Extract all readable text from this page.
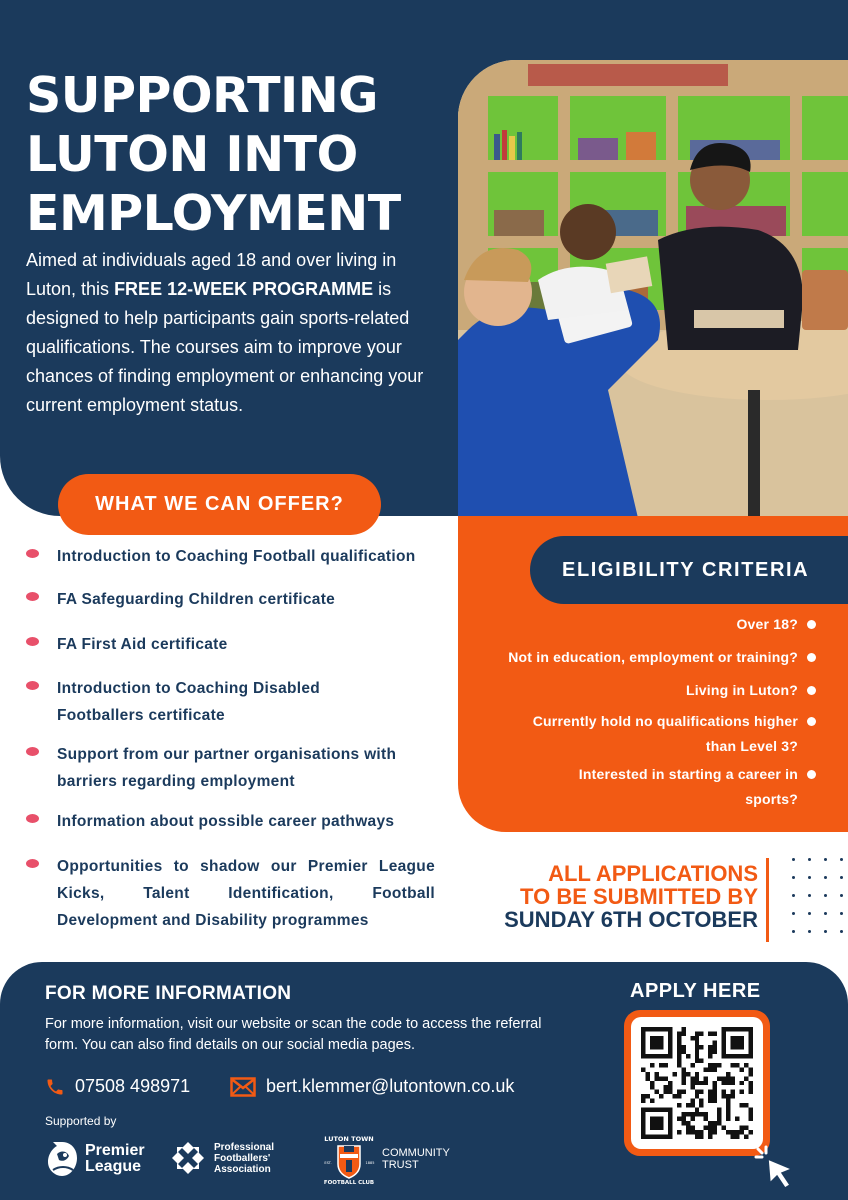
SUPPORTING
LUTON INTO
EMPLOYMENT

Aimed at individuals aged 18 and over living in Luton, this FREE 12-WEEK PROGRAMME is designed to help participants gain sports-related qualifications. The courses aim to improve your chances of finding employment or enhancing your current employment status.

WHAT WE CAN OFFER?
Introduction to Coaching Football qualification
FA Safeguarding Children certificate
FA First Aid certificate
Introduction to Coaching Disabled Footballers certificate
Support from our partner organisations with barriers regarding employment
Information about possible career pathways
Opportunities to shadow our Premier League Kicks, Talent Identification, Football Development and Disability programmes
ELIGIBILITY CRITERIA
Over 18?
Not in education, employment or training?
Living in Luton?
Currently hold no qualifications higher than Level 3?
Interested in starting a career in sports?
ALL APPLICATIONS
TO BE SUBMITTED BY
SUNDAY 6TH OCTOBER
FOR MORE INFORMATION

For more information, visit our website or scan the code to access the referral form. You can also find details on our social media pages.

07508 498971	bert.klemmer@lutontown.co.uk
Supported by
Premier League
Professional Footballers' Association
LUTON TOWN
FOOTBALL CLUB
EST.	1885
COMMUNITY TRUST
APPLY HERE
